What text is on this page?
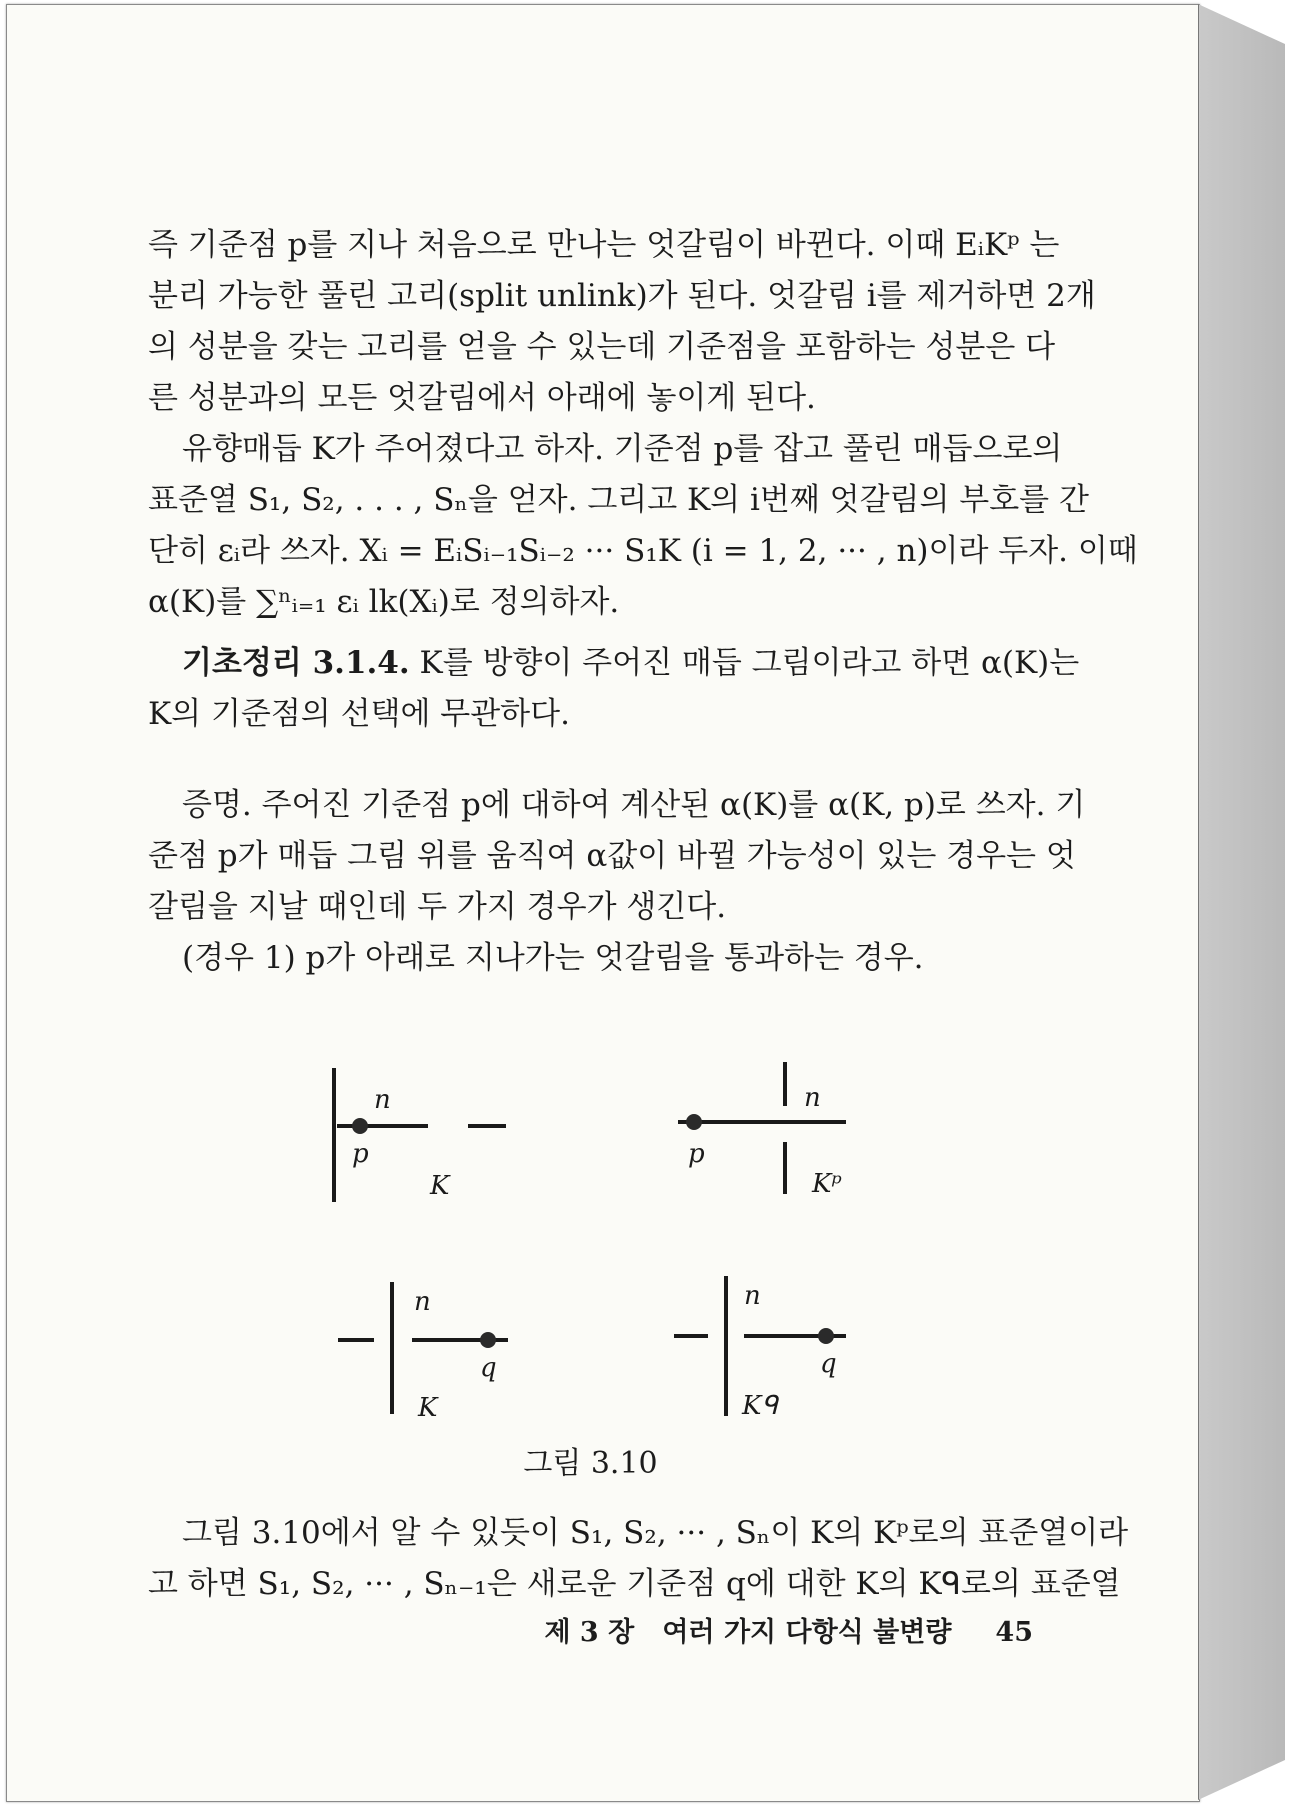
즉 기준점 p를 지나 처음으로 만나는 엇갈림이 바뀐다. 이때 EᵢKᵖ 는
분리 가능한 풀린 고리(split unlink)가 된다. 엇갈림 i를 제거하면 2개
의 성분을 갖는 고리를 얻을 수 있는데 기준점을 포함하는 성분은 다
른 성분과의 모든 엇갈림에서 아래에 놓이게 된다.
유향매듭 K가 주어졌다고 하자. 기준점 p를 잡고 풀린 매듭으로의
표준열 S₁, S₂, . . . , Sₙ을 얻자. 그리고 K의 i번째 엇갈림의 부호를 간
단히 εᵢ라 쓰자. Xᵢ = EᵢSᵢ₋₁Sᵢ₋₂ ··· S₁K (i = 1, 2, ··· , n)이라 두자. 이때
α(K)를 ∑ⁿᵢ₌₁ εᵢ lk(Xᵢ)로 정의하자.
기초정리 3.1.4. K를 방향이 주어진 매듭 그림이라고 하면 α(K)는
K의 기준점의 선택에 무관하다.
증명. 주어진 기준점 p에 대하여 계산된 α(K)를 α(K, p)로 쓰자. 기
준점 p가 매듭 그림 위를 움직여 α값이 바뀔 가능성이 있는 경우는 엇
갈림을 지날 때인데 두 가지 경우가 생긴다.
(경우 1) p가 아래로 지나가는 엇갈림을 통과하는 경우.
p
n
K
p
n
Kᵖ
n
q
K
n
q
Kᑫ
그림 3.10
그림 3.10에서 알 수 있듯이 S₁, S₂, ··· , Sₙ이 K의 Kᵖ로의 표준열이라
고 하면 S₁, S₂, ··· , Sₙ₋₁은 새로운 기준점 q에 대한 K의 Kᑫ로의 표준열
제 3 장   여러 가지 다항식 불변량 45
